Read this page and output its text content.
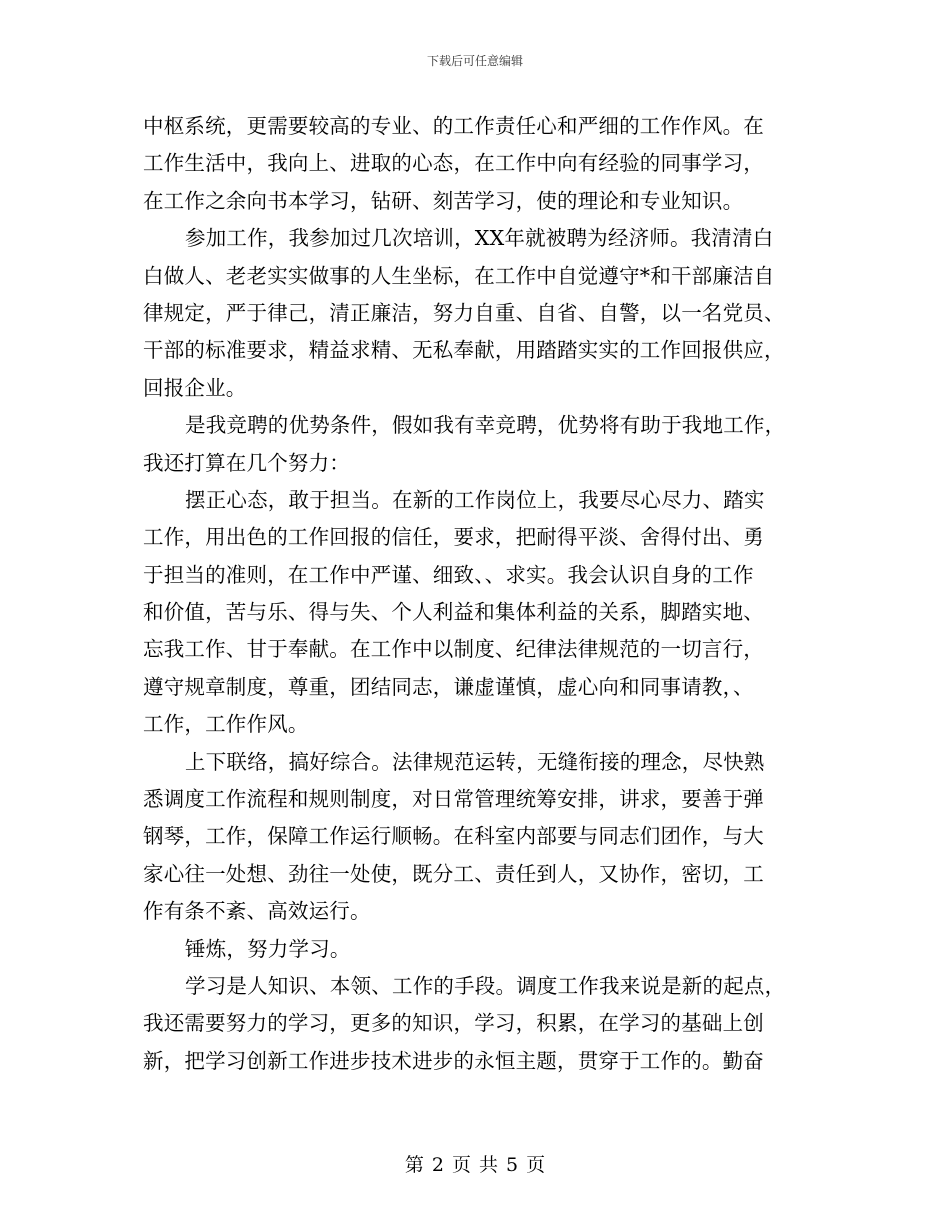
下载后可任意编辑
中枢系统，更需要较高的专业、的工作责任心和严细的工作作风。在
工作生活中，我向上、进取的心态，在工作中向有经验的同事学习，
在工作之余向书本学习，钻研、刻苦学习，使的理论和专业知识。
参加工作，我参加过几次培训，XX年就被聘为经济师。我清清白
白做人、老老实实做事的人生坐标，在工作中自觉遵守*和干部廉洁自
律规定，严于律己，清正廉洁，努力自重、自省、自警，以一名党员、
干部的标准要求，精益求精、无私奉献，用踏踏实实的工作回报供应，
回报企业。
是我竞聘的优势条件，假如我有幸竞聘，优势将有助于我地工作，
我还打算在几个努力：
摆正心态，敢于担当。在新的工作岗位上，我要尽心尽力、踏实
工作，用出色的工作回报的信任，要求，把耐得平淡、舍得付出、勇
于担当的准则，在工作中严谨、细致、、求实。我会认识自身的工作
和价值，苦与乐、得与失、个人利益和集体利益的关系，脚踏实地、
忘我工作、甘于奉献。在工作中以制度、纪律法律规范的一切言行，
遵守规章制度，尊重，团结同志，谦虚谨慎，虚心向和同事请教，、
工作，工作作风。
上下联络，搞好综合。法律规范运转，无缝衔接的理念，尽快熟
悉调度工作流程和规则制度，对日常管理统筹安排，讲求，要善于弹
钢琴，工作，保障工作运行顺畅。在科室内部要与同志们团作，与大
家心往一处想、劲往一处使，既分工、责任到人，又协作，密切，工
作有条不紊、高效运行。
锤炼，努力学习。
学习是人知识、本领、工作的手段。调度工作我来说是新的起点，
我还需要努力的学习，更多的知识，学习，积累，在学习的基础上创
新，把学习创新工作进步技术进步的永恒主题，贯穿于工作的。勤奋
第 2 页 共 5 页
